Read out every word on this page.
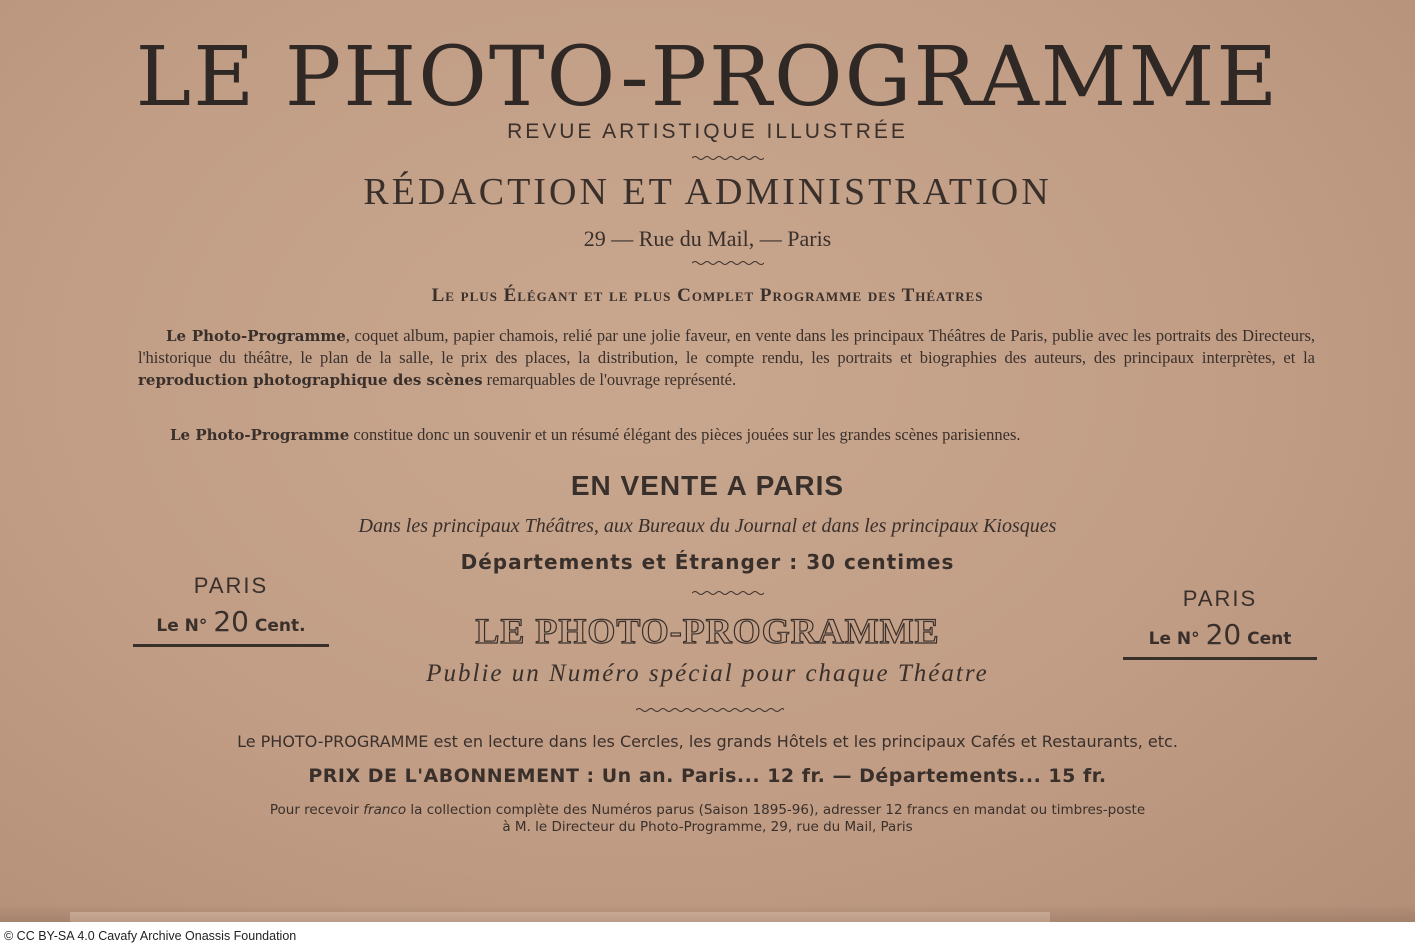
LE PHOTO-PROGRAMME
REVUE ARTISTIQUE ILLUSTRÉE
RÉDACTION ET ADMINISTRATION
29 — Rue du Mail, — Paris
Le plus Élégant et le plus Complet Programme des Théatres
Le Photo-Programme, coquet album, papier chamois, relié par une jolie faveur, en vente dans les principaux Théâtres de Paris, publie avec les portraits des Directeurs, l'historique du théâtre, le plan de la salle, le prix des places, la distribution, le compte rendu, les portraits et biographies des auteurs, des principaux interprètes, et la reproduction photographique des scènes remarquables de l'ouvrage représenté.
Le Photo-Programme constitue donc un souvenir et un résumé élégant des pièces jouées sur les grandes scènes parisiennes.
EN VENTE A PARIS
Dans les principaux Théâtres, aux Bureaux du Journal et dans les principaux Kiosques
Départements et Étranger : 30 centimes
PARIS
Le N° 20 Cent.	LE PHOTO-PROGRAMME
Publie un Numéro spécial pour chaque Théatre
PARIS
Le N° 20 Cent
Le PHOTO-PROGRAMME est en lecture dans les Cercles, les grands Hôtels et les principaux Cafés et Restaurants, etc.
PRIX DE L'ABONNEMENT : Un an. Paris... 12 fr. — Départements... 15 fr.
Pour recevoir franco la collection complète des Numéros parus (Saison 1895-96), adresser 12 francs en mandat ou timbres-poste
à M. le Directeur du Photo-Programme, 29, rue du Mail, Paris
© CC BY-SA 4.0 Cavafy Archive Onassis Foundation
